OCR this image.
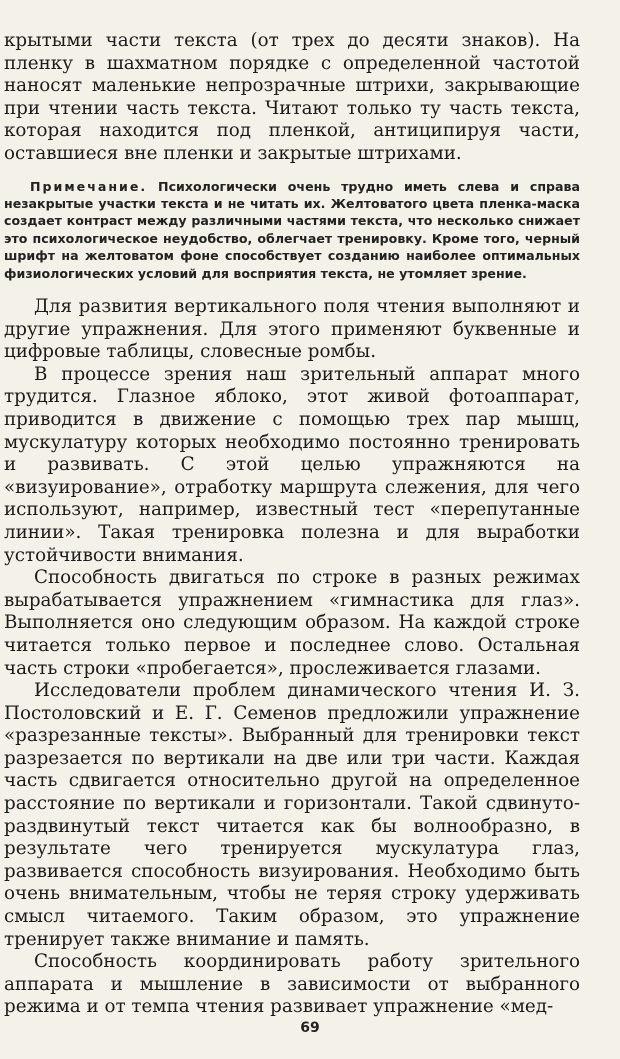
крытыми части текста (от трех до десяти знаков). На пленку в шахматном порядке с определенной частотой наносят маленькие непрозрачные штрихи, закрывающие при чтении часть текста. Читают только ту часть текста, которая находится под пленкой, антиципируя части, оставшиеся вне пленки и закрытые штрихами.

Примечание. Психологически очень трудно иметь слева и справа незакрытые участки текста и не читать их. Желтоватого цвета пленка-маска создает контраст между различными частями текста, что несколько снижает это психологическое неудобство, облегчает тренировку. Кроме того, черный шрифт на желтоватом фоне способствует созданию наиболее оптимальных физиологических условий для восприятия текста, не утомляет зрение.

Для развития вертикального поля чтения выполняют и другие упражнения. Для этого применяют буквенные и цифровые таблицы, словесные ромбы.

В процессе зрения наш зрительный аппарат много трудится. Глазное яблоко, этот живой фотоаппарат, приводится в движение с помощью трех пар мышц, мускулатуру которых необходимо постоянно тренировать и развивать. С этой целью упражняются на «визуирование», отработку маршрута слежения, для чего используют, например, известный тест «перепутанные линии». Такая тренировка полезна и для выработки устойчивости внимания.

Способность двигаться по строке в разных режимах вырабатывается упражнением «гимнастика для глаз». Выполняется оно следующим образом. На каждой строке читается только первое и последнее слово. Остальная часть строки «пробегается», прослеживается глазами.

Исследователи проблем динамического чтения И. З. Постоловский и Е. Г. Семенов предложили упражнение «разрезанные тексты». Выбранный для тренировки текст разрезается по вертикали на две или три части. Каждая часть сдвигается относительно другой на определенное расстояние по вертикали и горизонтали. Такой сдвинуто-раздвинутый текст читается как бы волнообразно, в результате чего тренируется мускулатура глаз, развивается способность визуирования. Необходимо быть очень внимательным, чтобы не теряя строку удерживать смысл читаемого. Таким образом, это упражнение тренирует также внимание и память.

Способность координировать работу зрительного аппарата и мышление в зависимости от выбранного режима и от темпа чтения развивает упражнение «мед-

69
